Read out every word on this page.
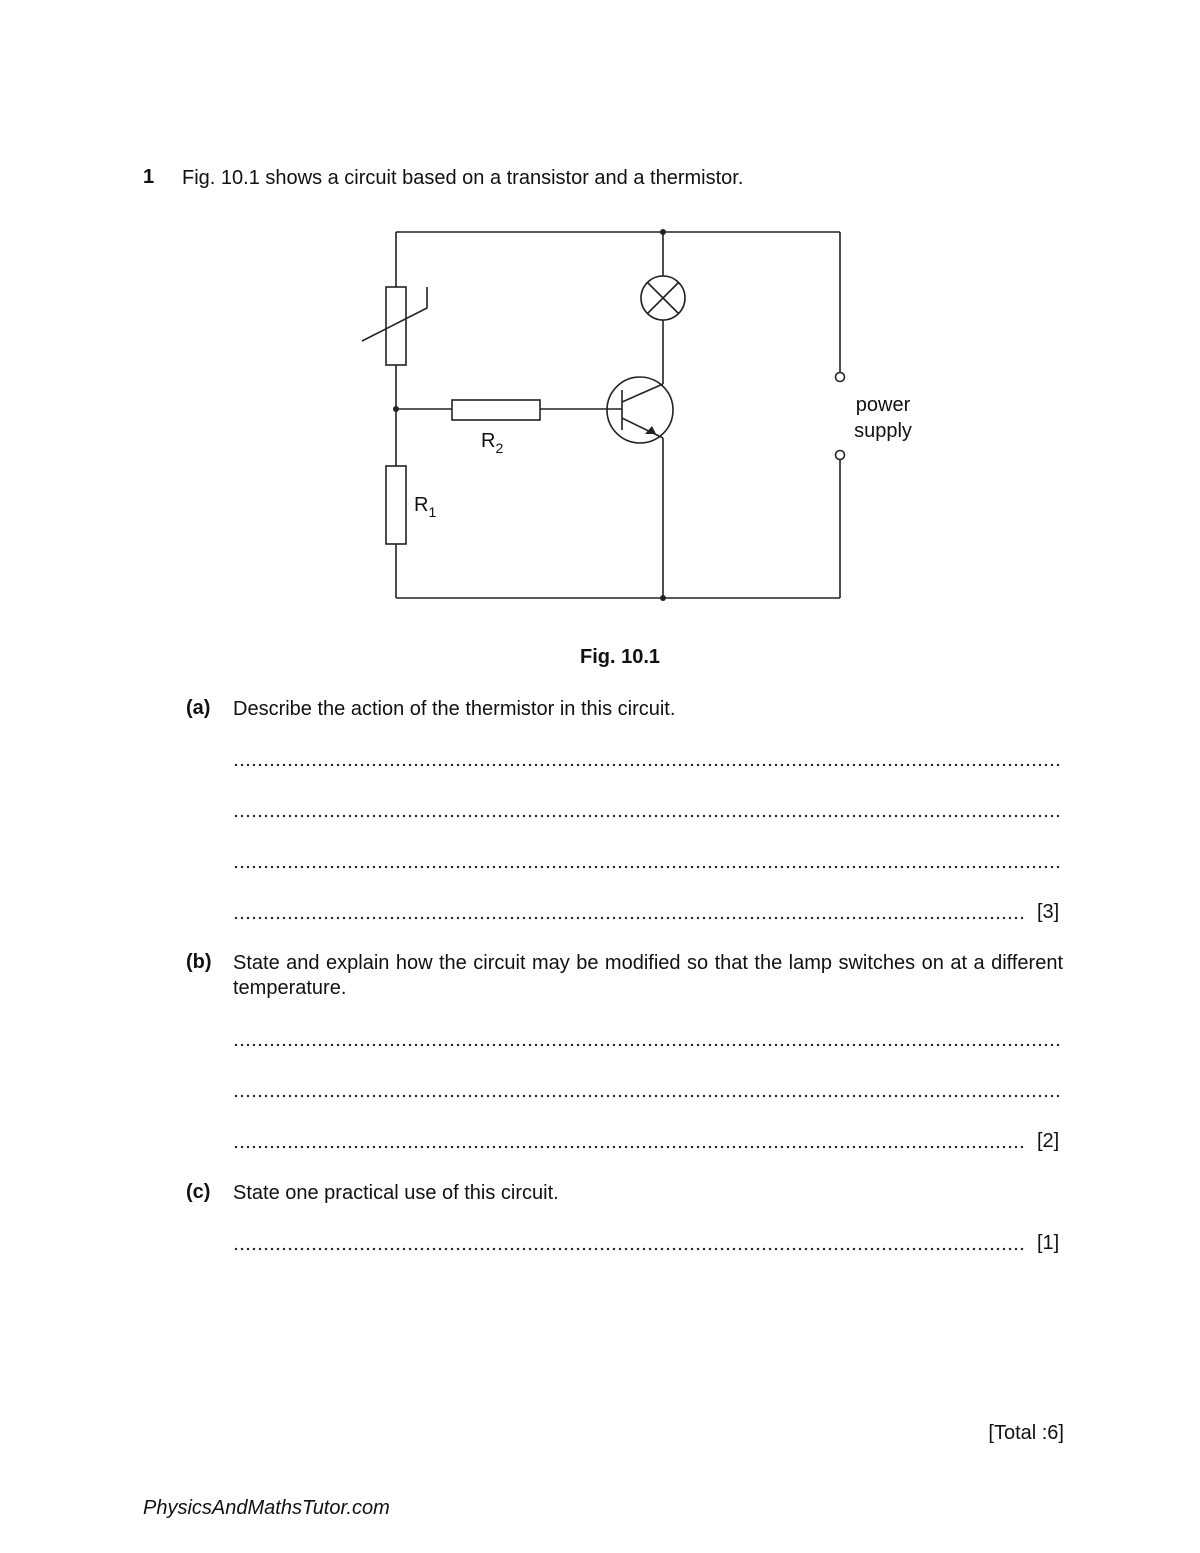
1 Fig. 10.1 shows a circuit based on a transistor and a thermistor.
$R_2$
$R_1$
power
supply
Fig. 10.1
(a) Describe the action of the thermistor in this circuit.
[3]
(b) State and explain how the circuit may be modified so that the lamp switches on at a different temperature.
[2]
(c) State one practical use of this circuit.
[1]
[Total :6]
PhysicsAndMathsTutor.com
